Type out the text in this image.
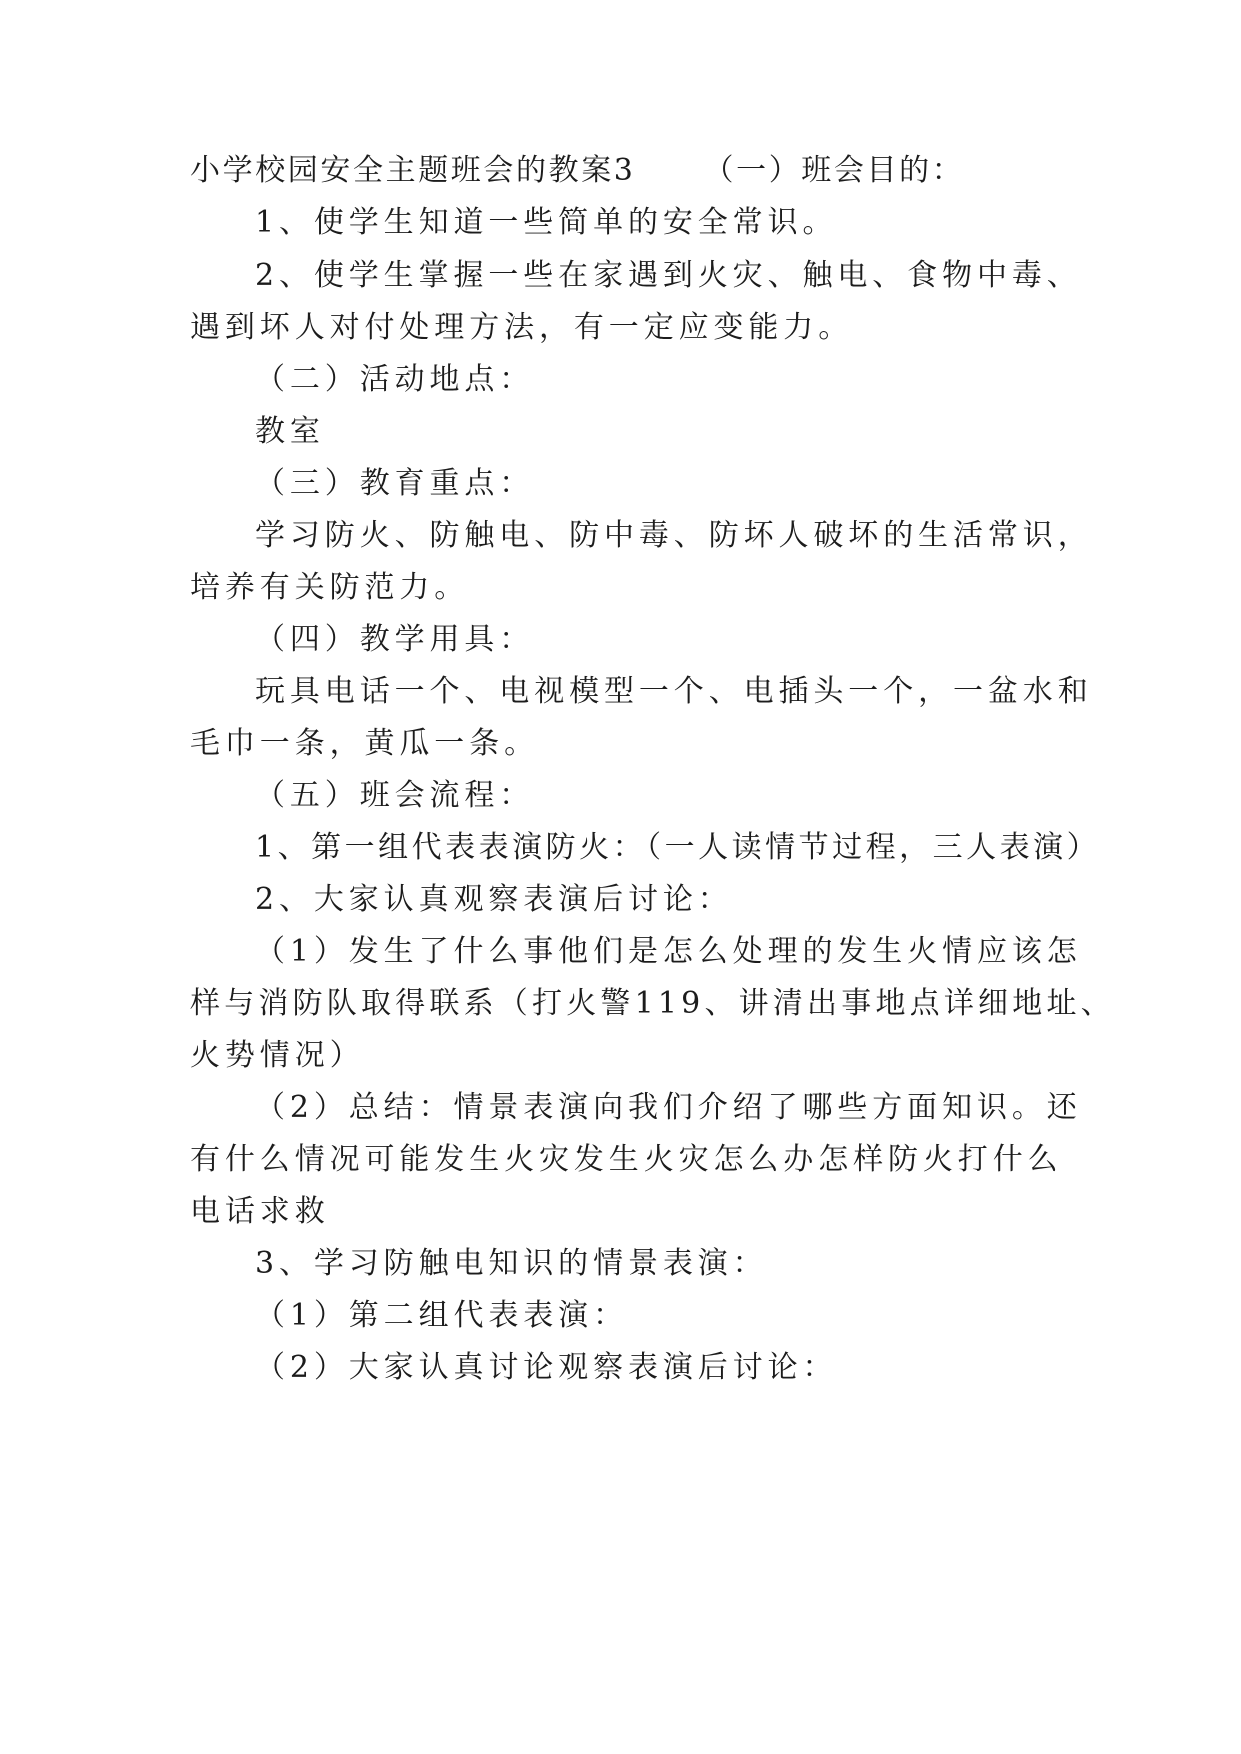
小学校园安全主题班会的教案3 （一）班会目的：
1、使学生知道一些简单的安全常识。
2、使学生掌握一些在家遇到火灾、触电、食物中毒、
遇到坏人对付处理方法，有一定应变能力。
（二）活动地点：
教室
（三）教育重点：
学习防火、防触电、防中毒、防坏人破坏的生活常识，
培养有关防范力。
（四）教学用具：
玩具电话一个、电视模型一个、电插头一个，一盆水和
毛巾一条，黄瓜一条。
（五）班会流程：
1、第一组代表表演防火：（一人读情节过程，三人表演）
2、大家认真观察表演后讨论：
（1）发生了什么事他们是怎么处理的发生火情应该怎
样与消防队取得联系（打火警119、讲清出事地点详细地址、
火势情况）
（2）总结：情景表演向我们介绍了哪些方面知识。还
有什么情况可能发生火灾发生火灾怎么办怎样防火打什么
电话求救
3、学习防触电知识的情景表演：
（1）第二组代表表演：
（2）大家认真讨论观察表演后讨论：
